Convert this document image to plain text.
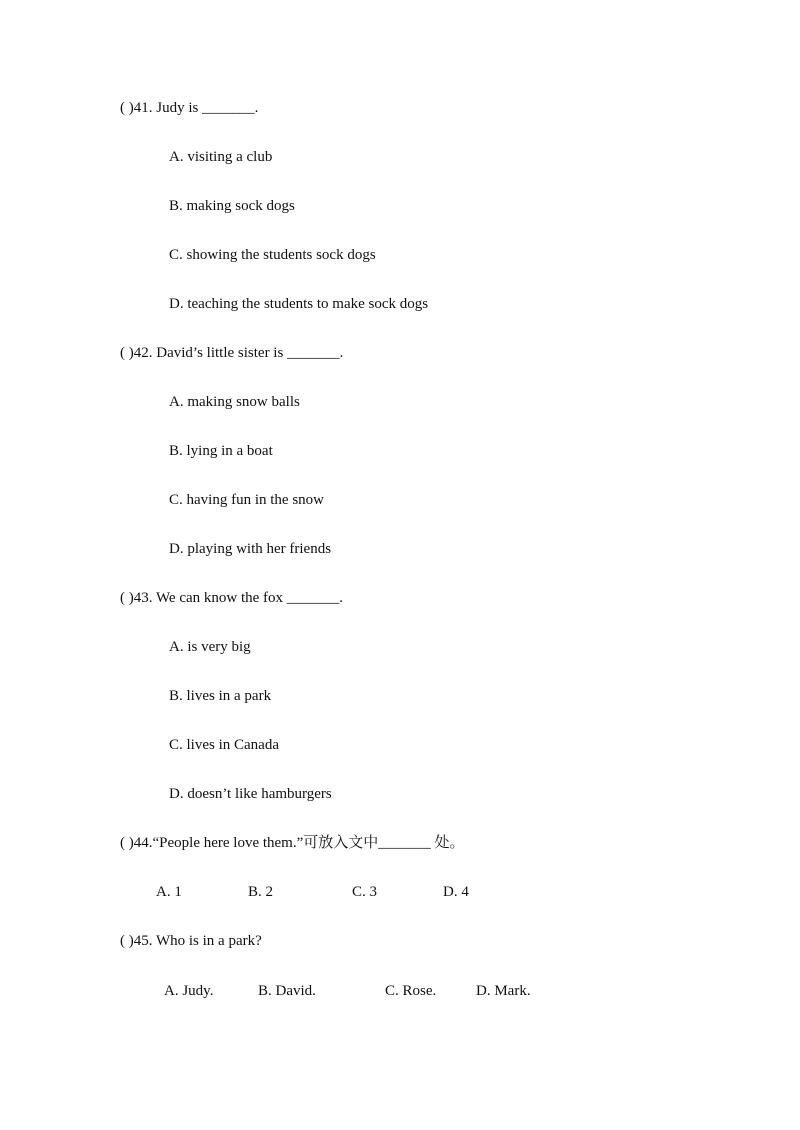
( )41. Judy is _______.
A. visiting a club
B. making sock dogs
C. showing the students sock dogs
D. teaching the students to make sock dogs
( )42. David’s little sister is _______.
A. making snow balls
B. lying in a boat
C. having fun in the snow
D. playing with her friends
( )43. We can know the fox _______.
A. is very big
B. lives in a park
C. lives in Canada
D. doesn’t like hamburgers
( )44.“People here love them.”可放入文中_______ 处。
A. 1	B. 2	C. 3	D. 4
( )45. Who is in a park?
A. Judy.	B. David.	C. Rose.	D. Mark.
